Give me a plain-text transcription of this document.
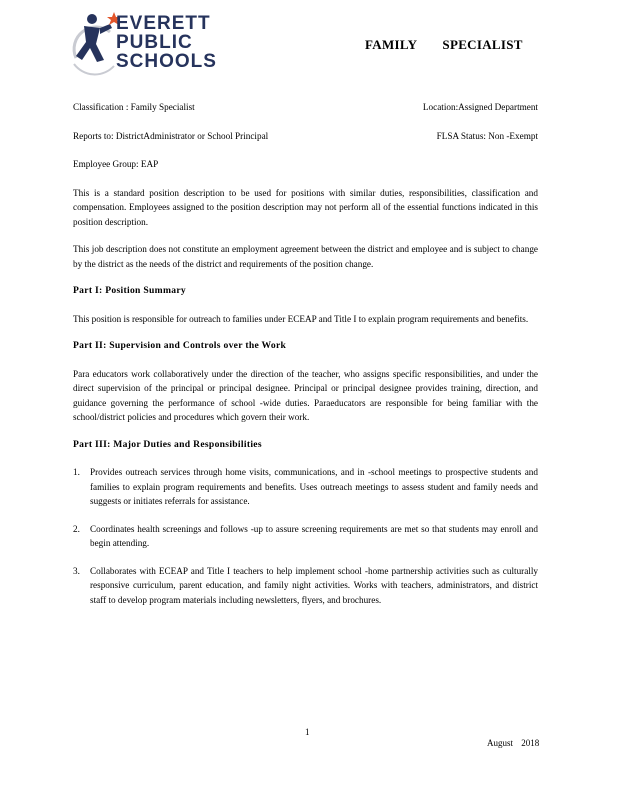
EVERETT
PUBLIC
SCHOOLS
FAMILY SPECIALIST
Classification : Family Specialist	Location:Assigned Department
Reports to: DistrictAdministrator or School Principal	FLSA Status: Non -Exempt
Employee Group: EAP

This is a standard position description to be used for positions with similar duties, responsibilities, classification and compensation. Employees assigned to the position description may not perform all of the essential functions indicated in this position description.

This job description does not constitute an employment agreement between the district and employee and is subject to change by the district as the needs of the district and requirements of the position change.

Part I: Position Summary

This position is responsible for outreach to families under ECEAP and Title I to explain program requirements and benefits.

Part II: Supervision and Controls over the Work

Para educators work collaboratively under the direction of the teacher, who assigns specific responsibilities, and under the direct supervision of the principal or principal designee. Principal or principal designee provides training, direction, and guidance governing the performance of school -wide duties. Paraeducators are responsible for being familiar with the school/district policies and procedures which govern their work.

Part III: Major Duties and Responsibilities
1.	Provides outreach services through home visits, communications, and in -school meetings to prospective students and families to explain program requirements and benefits. Uses outreach meetings to assess student and family needs and suggests or initiates referrals for assistance.
2.	Coordinates health screenings and follows -up to assure screening requirements are met so that students may enroll and begin attending.
3.	Collaborates with ECEAP and Title I teachers to help implement school -home partnership activities such as culturally responsive curriculum, parent education, and family night activities. Works with teachers, administrators, and district staff to develop program materials including newsletters, flyers, and brochures.
1
August 2018
